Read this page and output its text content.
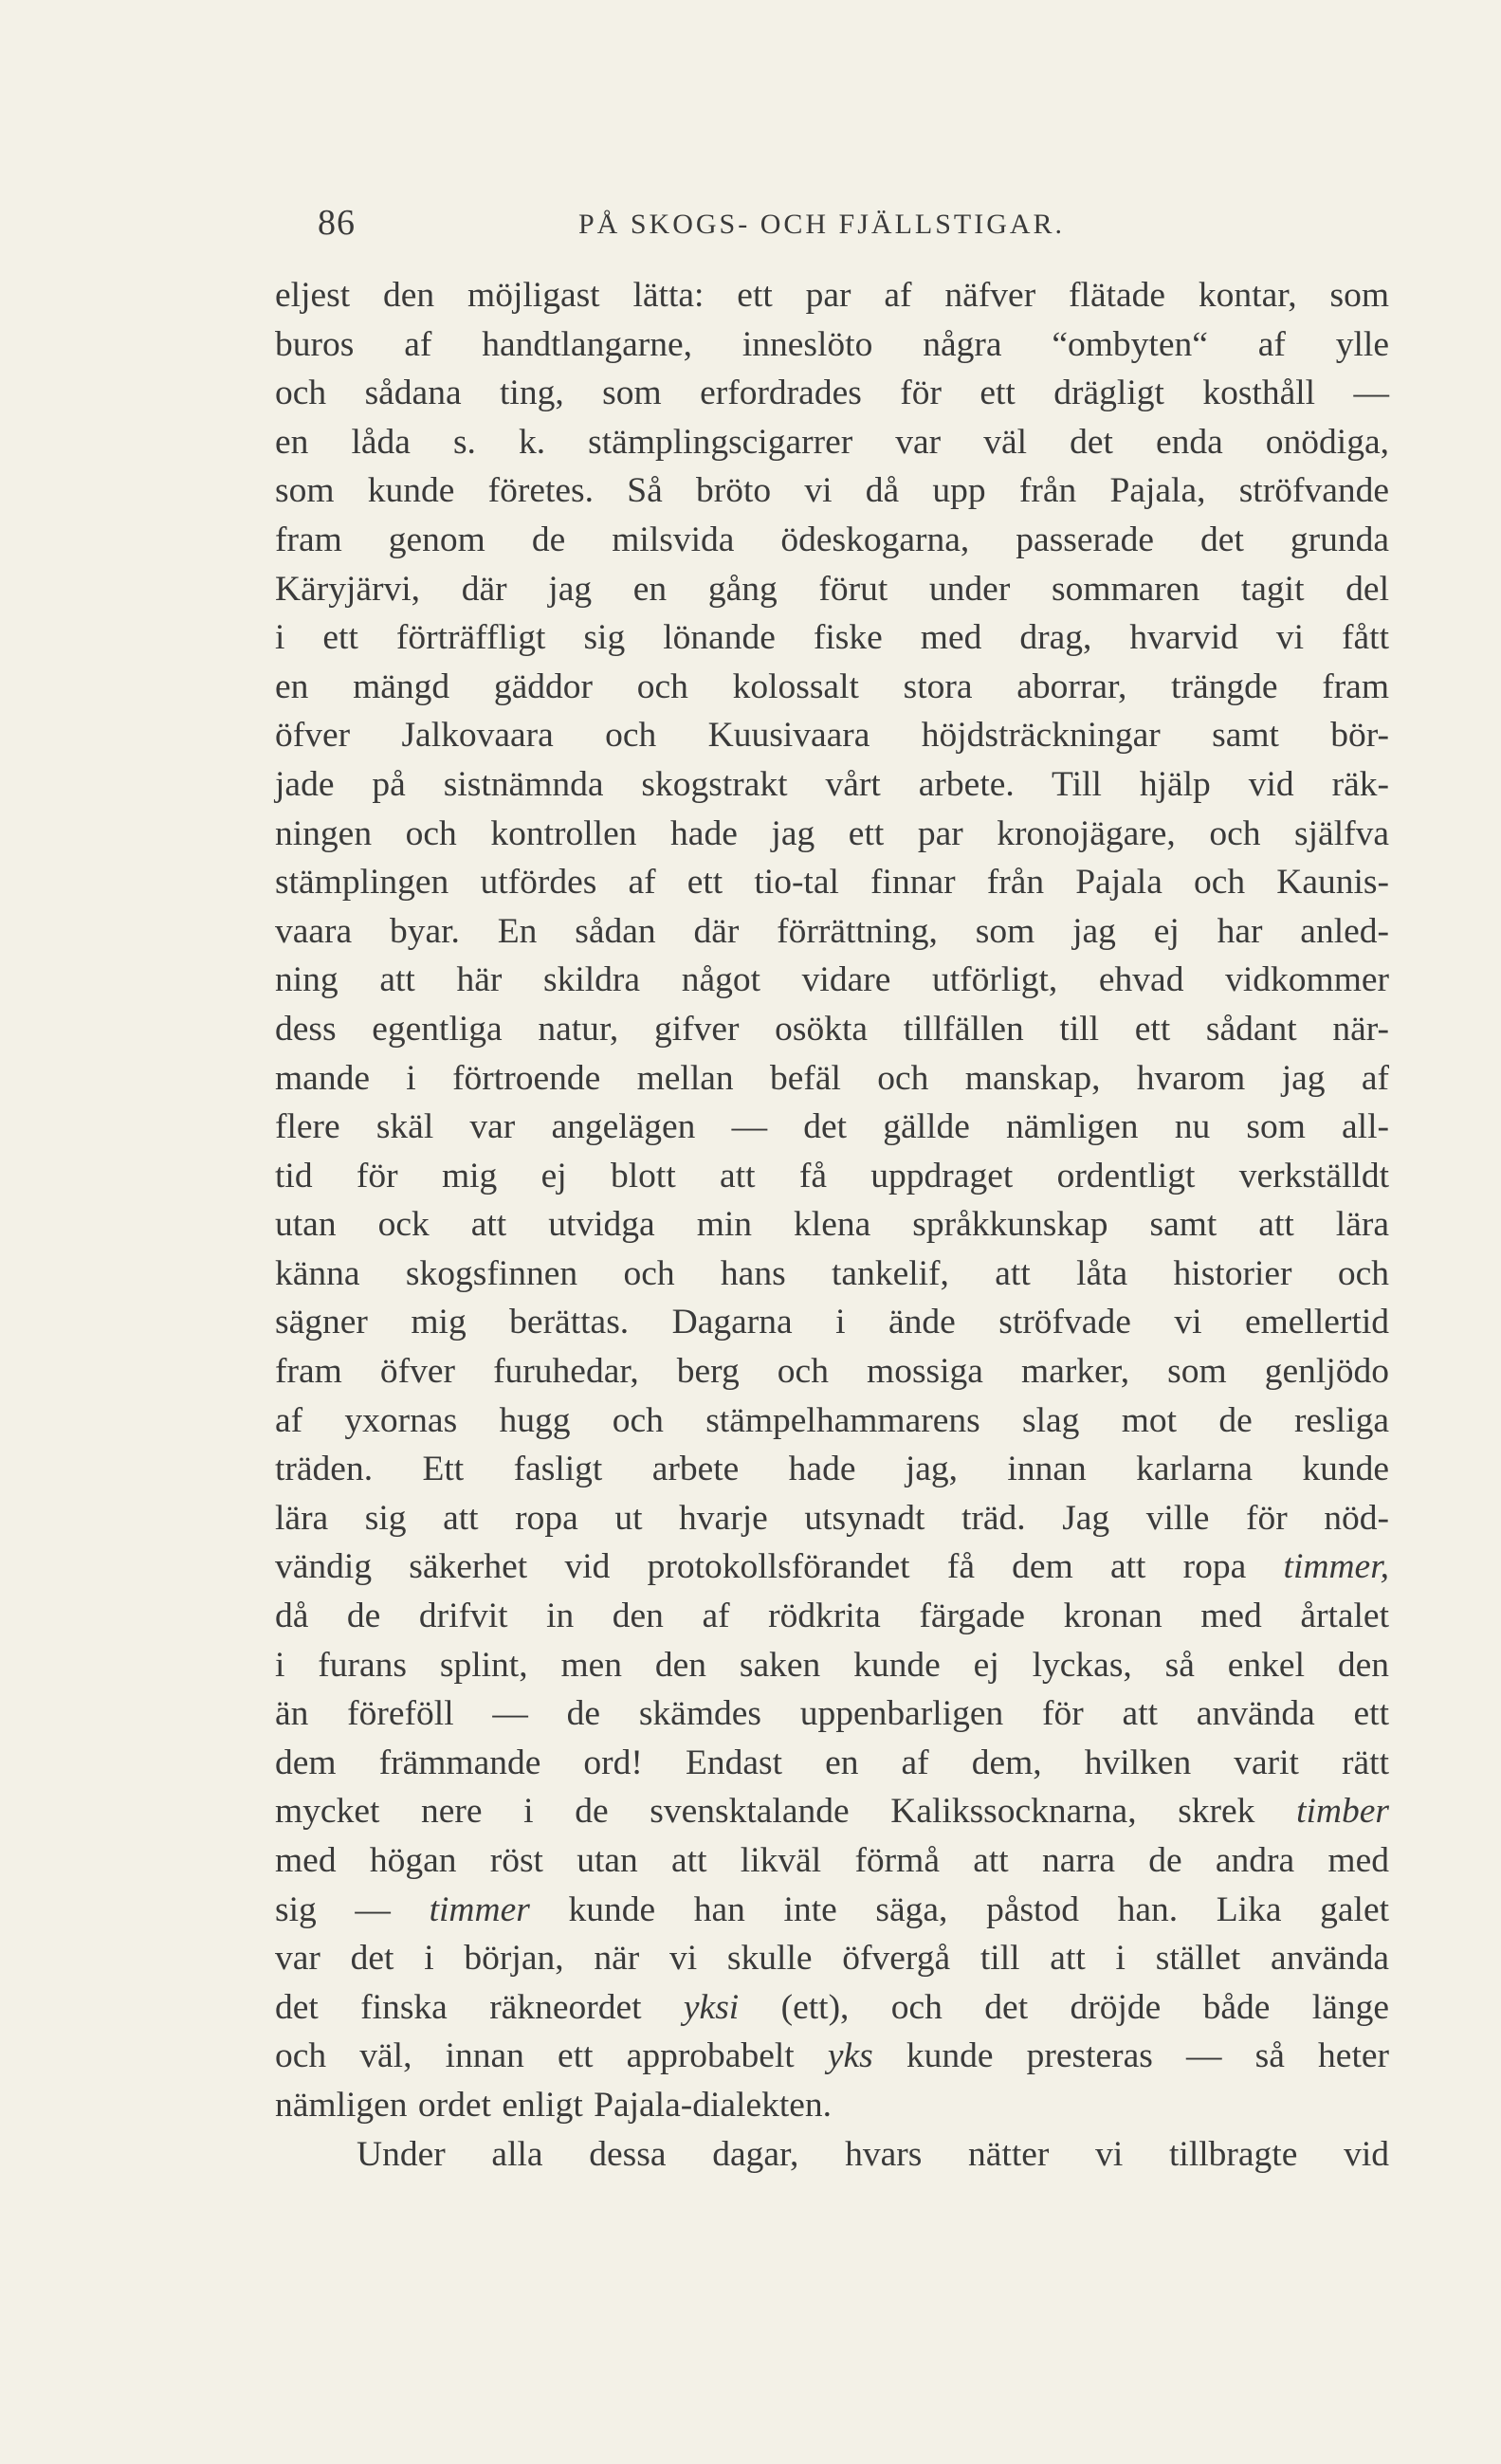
86	PÅ SKOGS- OCH FJÄLLSTIGAR.
eljest den möjligast lätta: ett par af näfver flätade kontar, som
buros af handtlangarne, inneslöto några “ombyten“ af ylle
och sådana ting, som erfordrades för ett drägligt kosthåll —
en låda s. k. stämplingscigarrer var väl det enda onödiga,
som kunde företes. Så bröto vi då upp från Pajala, ströfvande
fram genom de milsvida ödeskogarna, passerade det grunda
Käryjärvi, där jag en gång förut under sommaren tagit del
i ett förträffligt sig lönande fiske med drag, hvarvid vi fått
en mängd gäddor och kolossalt stora aborrar, trängde fram
öfver Jalkovaara och Kuusivaara höjdsträckningar samt bör-
jade på sistnämnda skogstrakt vårt arbete. Till hjälp vid räk-
ningen och kontrollen hade jag ett par kronojägare, och själfva
stämplingen utfördes af ett tio-tal finnar från Pajala och Kaunis-
vaara byar. En sådan där förrättning, som jag ej har anled-
ning att här skildra något vidare utförligt, ehvad vidkommer
dess egentliga natur, gifver osökta tillfällen till ett sådant när-
mande i förtroende mellan befäl och manskap, hvarom jag af
flere skäl var angelägen — det gällde nämligen nu som all-
tid för mig ej blott att få uppdraget ordentligt verkställdt
utan ock att utvidga min klena språkkunskap samt att lära
känna skogsfinnen och hans tankelif, att låta historier och
sägner mig berättas. Dagarna i ände ströfvade vi emellertid
fram öfver furuhedar, berg och mossiga marker, som genljödo
af yxornas hugg och stämpelhammarens slag mot de resliga
träden. Ett fasligt arbete hade jag, innan karlarna kunde
lära sig att ropa ut hvarje utsynadt träd. Jag ville för nöd-
vändig säkerhet vid protokollsförandet få dem att ropa timmer,
då de drifvit in den af rödkrita färgade kronan med årtalet
i furans splint, men den saken kunde ej lyckas, så enkel den
än föreföll — de skämdes uppenbarligen för att använda ett
dem främmande ord! Endast en af dem, hvilken varit rätt
mycket nere i de svensktalande Kalikssocknarna, skrek timber
med högan röst utan att likväl förmå att narra de andra med
sig — timmer kunde han inte säga, påstod han. Lika galet
var det i början, när vi skulle öfvergå till att i stället använda
det finska räkneordet yksi (ett), och det dröjde både länge
och väl, innan ett approbabelt yks kunde presteras — så heter
nämligen ordet enligt Pajala-dialekten.
Under alla dessa dagar, hvars nätter vi tillbragte vid
